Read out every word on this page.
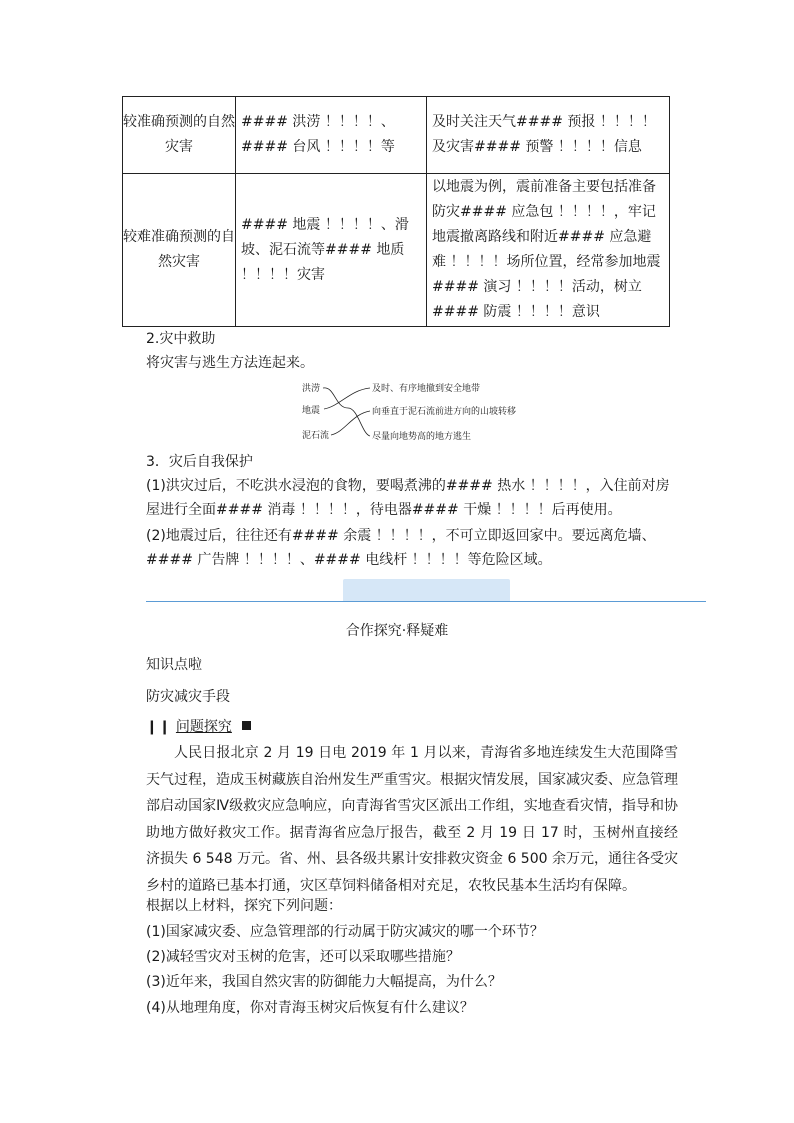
较准确预测的自然灾害	#### 洪涝 ！！！！、#### 台风 ！！！！等	及时关注天气#### 预报 ！！！！及灾害#### 预警 ！！！！信息
较难准确预测的自然灾害	#### 地震 ！！！！、滑坡、泥石流等#### 地质 ！！！！灾害	以地震为例，震前准备主要包括准备防灾#### 应急包 ！！！！，牢记地震撤离路线和附近#### 应急避难 ！！！！场所位置，经常参加地震#### 演习 ！！！！活动，树立#### 防震 ！！！！意识
2.灾中救助
将灾害与逃生方法连起来。
洪涝
地震
泥石流
及时、有序地撤到安全地带
向垂直于泥石流前进方向的山坡转移
尽量向地势高的地方逃生
3．灾后自我保护
(1)洪灾过后，不吃洪水浸泡的食物，要喝煮沸的#### 热水 ！！！！，入住前对房屋进行全面#### 消毒 ！！！！，待电器#### 干燥 ！！！！后再使用。
(2)地震过后，往往还有#### 余震 ！！！！，不可立即返回家中。要远离危墙、#### 广告牌 ！！！！、#### 电线杆 ！！！！等危险区域。
合作探究·释疑难
知识点啦
防灾减灾手段
❙❙ 问题探究
人民日报北京 2 月 19 日电 2019 年 1 月以来，青海省多地连续发生大范围降雪天气过程，造成玉树藏族自治州发生严重雪灾。根据灾情发展，国家减灾委、应急管理部启动国家Ⅳ级救灾应急响应，向青海省雪灾区派出工作组，实地查看灾情，指导和协助地方做好救灾工作。据青海省应急厅报告，截至 2 月 19 日 17 时，玉树州直接经济损失 6 548 万元。省、州、县各级共累计安排救灾资金 6 500 余万元，通往各受灾乡村的道路已基本打通，灾区草饲料储备相对充足，农牧民基本生活均有保障。
根据以上材料，探究下列问题：
(1)国家减灾委、应急管理部的行动属于防灾减灾的哪一个环节？
(2)减轻雪灾对玉树的危害，还可以采取哪些措施？
(3)近年来，我国自然灾害的防御能力大幅提高，为什么？
(4)从地理角度，你对青海玉树灾后恢复有什么建议？
